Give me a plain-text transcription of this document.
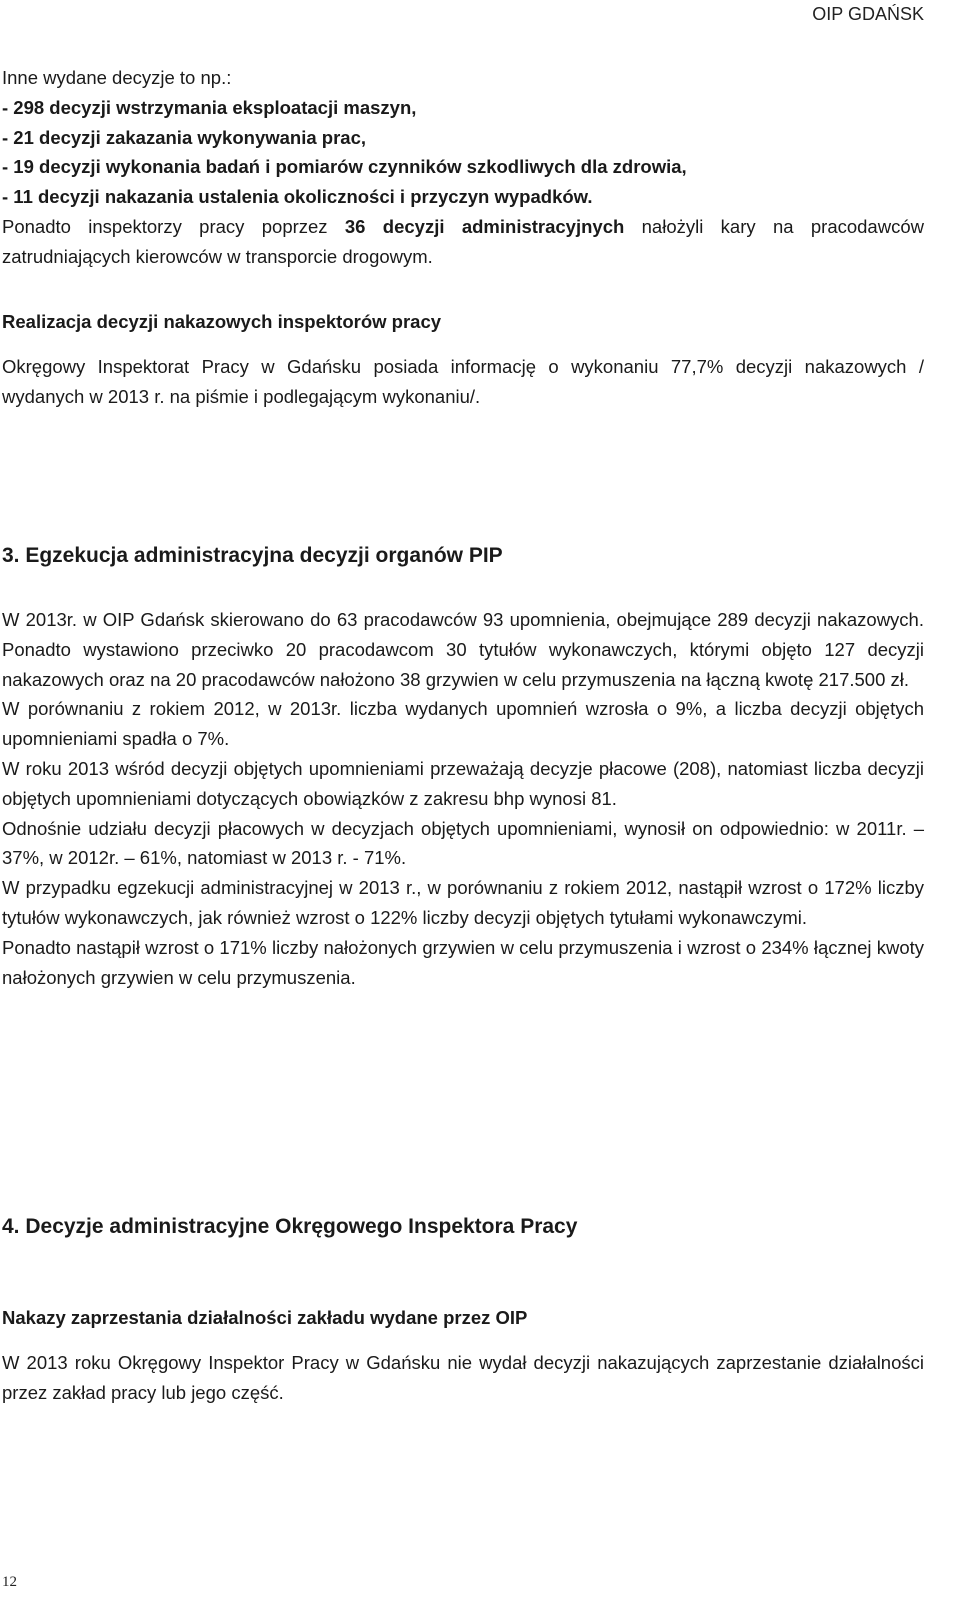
OIP GDAŃSK

Inne wydane decyzje to np.:

- 298 decyzji wstrzymania eksploatacji maszyn,

- 21 decyzji zakazania wykonywania prac,

- 19 decyzji wykonania badań i pomiarów czynników szkodliwych dla zdrowia,

- 11 decyzji nakazania ustalenia okoliczności i przyczyn wypadków.

Ponadto inspektorzy pracy poprzez 36 decyzji administracyjnych nałożyli kary na pracodawców zatrudniających kierowców w transporcie drogowym.

Realizacja decyzji nakazowych inspektorów pracy

Okręgowy Inspektorat Pracy w Gdańsku posiada informację o wykonaniu 77,7% decyzji nakazowych / wydanych w 2013 r. na piśmie i podlegającym wykonaniu/.

3. Egzekucja administracyjna decyzji organów PIP

W 2013r. w OIP Gdańsk skierowano do 63 pracodawców 93 upomnienia, obejmujące 289 decyzji nakazowych. Ponadto wystawiono przeciwko 20 pracodawcom 30 tytułów wykonawczych, którymi objęto 127 decyzji nakazowych oraz na 20 pracodawców nałożono 38 grzywien w celu przymuszenia na łączną kwotę 217.500 zł.

W porównaniu z rokiem 2012, w 2013r. liczba wydanych upomnień wzrosła o 9%, a liczba decyzji objętych upomnieniami spadła o 7%.

W roku 2013 wśród decyzji objętych upomnieniami przeważają decyzje płacowe (208), natomiast liczba decyzji objętych upomnieniami dotyczących obowiązków z zakresu bhp wynosi 81.

Odnośnie udziału decyzji płacowych w decyzjach objętych upomnieniami, wynosił on odpowiednio: w 2011r. – 37%, w 2012r. – 61%, natomiast w 2013 r. - 71%.

W przypadku egzekucji administracyjnej w 2013 r., w porównaniu z rokiem 2012, nastąpił wzrost o 172% liczby tytułów wykonawczych, jak również wzrost o 122% liczby decyzji objętych tytułami wykonawczymi.

Ponadto nastąpił wzrost o 171% liczby nałożonych grzywien w celu przymuszenia i wzrost o 234% łącznej kwoty nałożonych grzywien w celu przymuszenia.

4. Decyzje administracyjne Okręgowego Inspektora Pracy

Nakazy zaprzestania działalności zakładu wydane przez OIP

W 2013 roku Okręgowy Inspektor Pracy w Gdańsku nie wydał decyzji nakazujących zaprzestanie działalności przez zakład pracy lub jego część.

12
